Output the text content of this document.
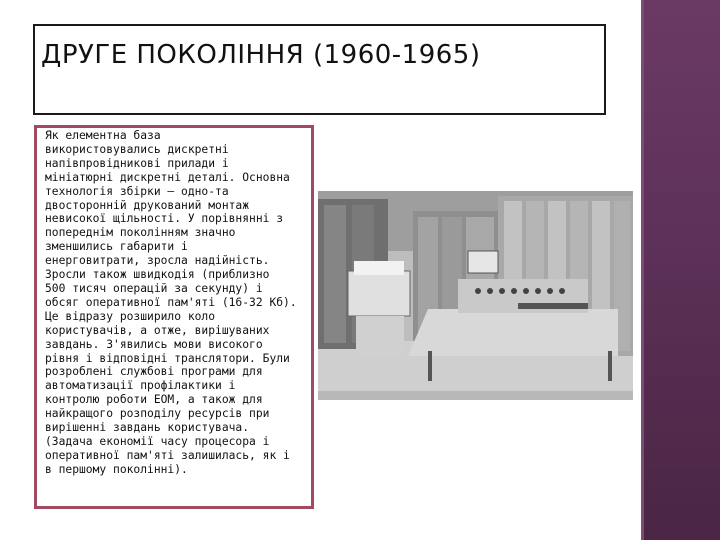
ДРУГЕ ПОКОЛІННЯ (1960-1965)

Як елементна база
використовувались дискретні
напівпровідникові прилади і
мініатюрні дискретні деталі. Основна
технологія збірки — одно-та
двосторонній друкований монтаж
невисокої щільності. У порівнянні з
попереднім поколінням значно
зменшились габарити і
енерговитрати, зросла надійність.
Зросли також швидкодія (приблизно
500 тисяч операцій за секунду) і
обсяг оперативної пам'яті (16-32 Кб).
Це відразу розширило коло
користувачів, а отже, вирішуваних
завдань. З'явились мови високого
рівня і відповідні транслятори. Були
розроблені службові програми для
автоматизації профілактики і
контролю роботи ЕОМ, а також для
найкращого розподілу ресурсів при
вирішенні завдань користувача.
(Задача економії часу процесора і
оперативної пам'яті залишилась, як і
в першому поколінні).
